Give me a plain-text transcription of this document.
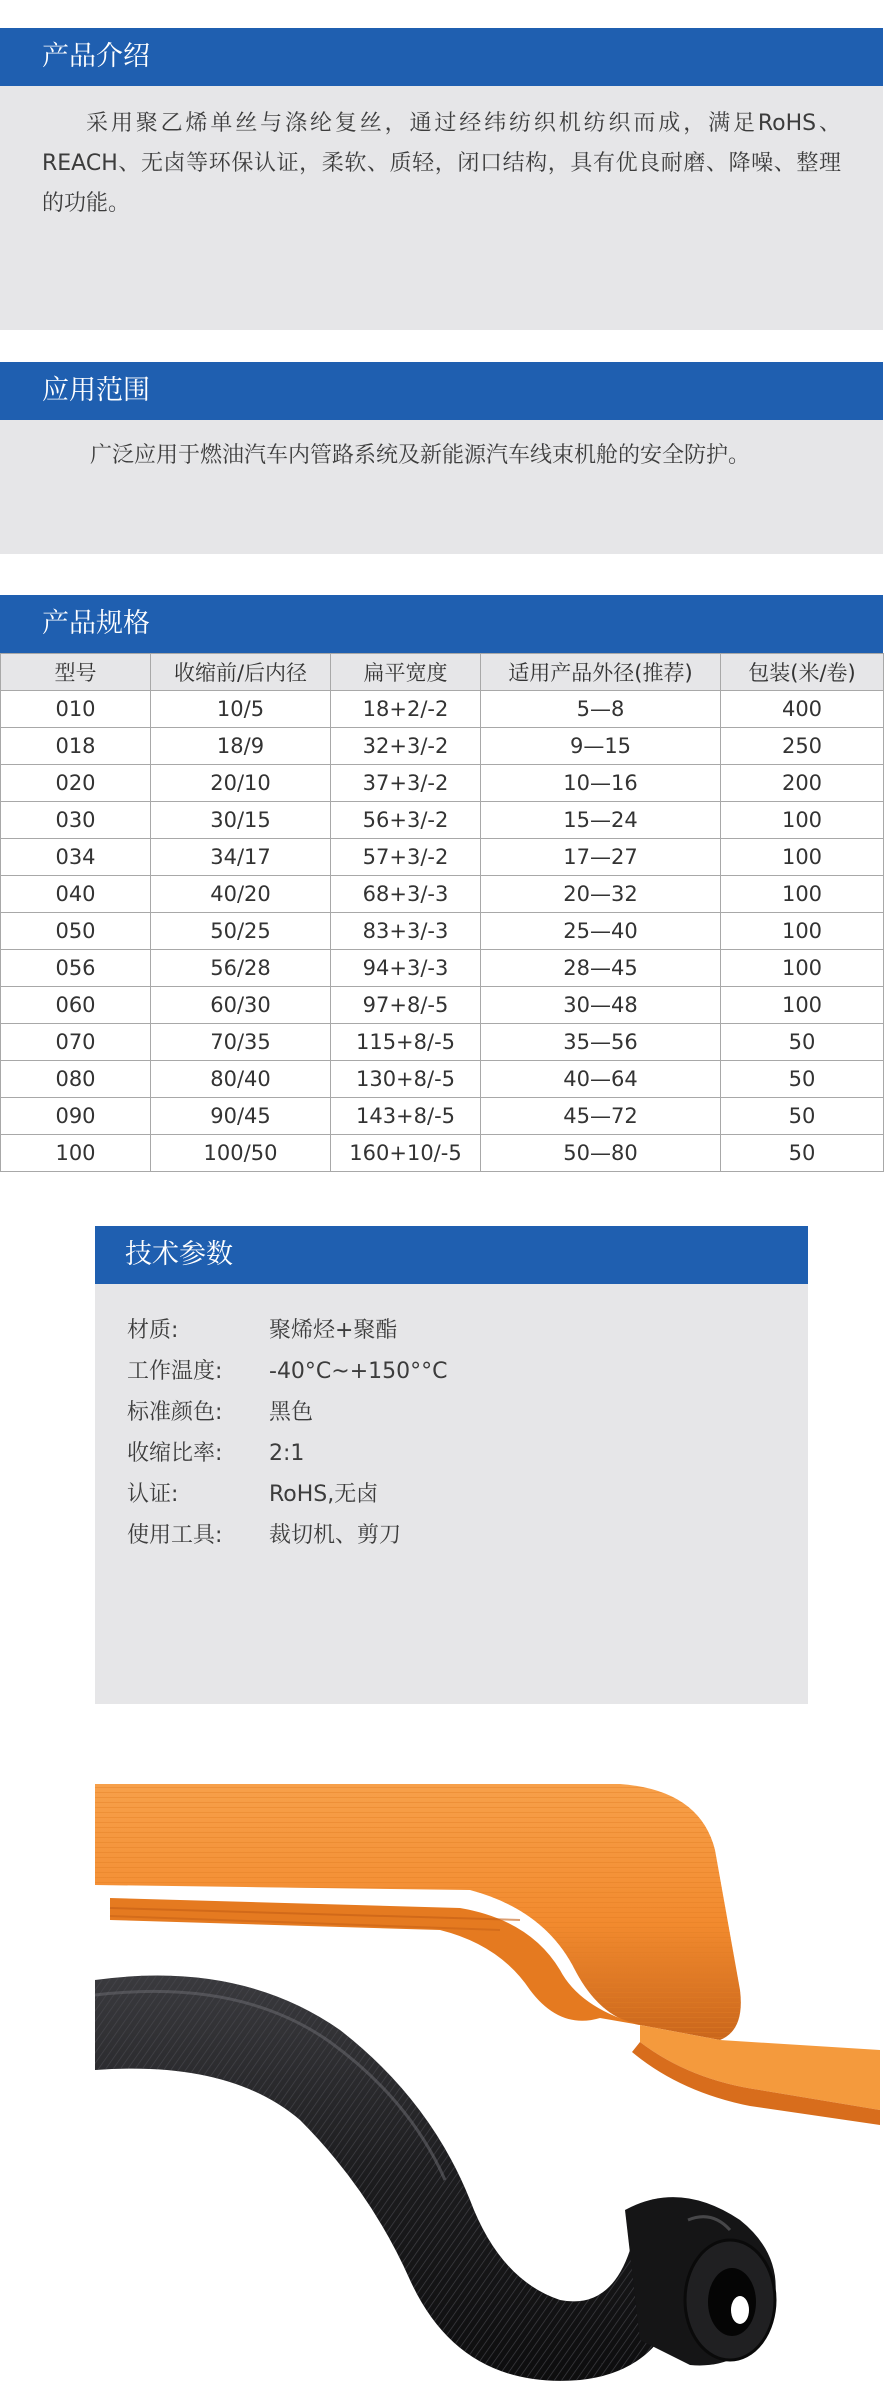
产品介绍
采用聚乙烯单丝与涤纶复丝，通过经纬纺织机纺织而成，满足RoHS、REACH、无卤等环保认证，柔软、质轻，闭口结构，具有优良耐磨、降噪、整理的功能。
应用范围
广泛应用于燃油汽车内管路系统及新能源汽车线束机舱的安全防护。
产品规格
型号	收缩前/后内径	扁平宽度	适用产品外径(推荐)	包装(米/卷)
010	10/5	18+2/-2	5—8	400
018	18/9	32+3/-2	9—15	250
020	20/10	37+3/-2	10—16	200
030	30/15	56+3/-2	15—24	100
034	34/17	57+3/-2	17—27	100
040	40/20	68+3/-3	20—32	100
050	50/25	83+3/-3	25—40	100
056	56/28	94+3/-3	28—45	100
060	60/30	97+8/-5	30—48	100
070	70/35	115+8/-5	35—56	50
080	80/40	130+8/-5	40—64	50
090	90/45	143+8/-5	45—72	50
100	100/50	160+10/-5	50—80	50
技术参数
材质:	聚烯烃+聚酯
工作温度:	-40°C~+150°°C
标准颜色:	黑色
收缩比率:	2:1
认证:	RoHS,无卤
使用工具:	裁切机、剪刀
